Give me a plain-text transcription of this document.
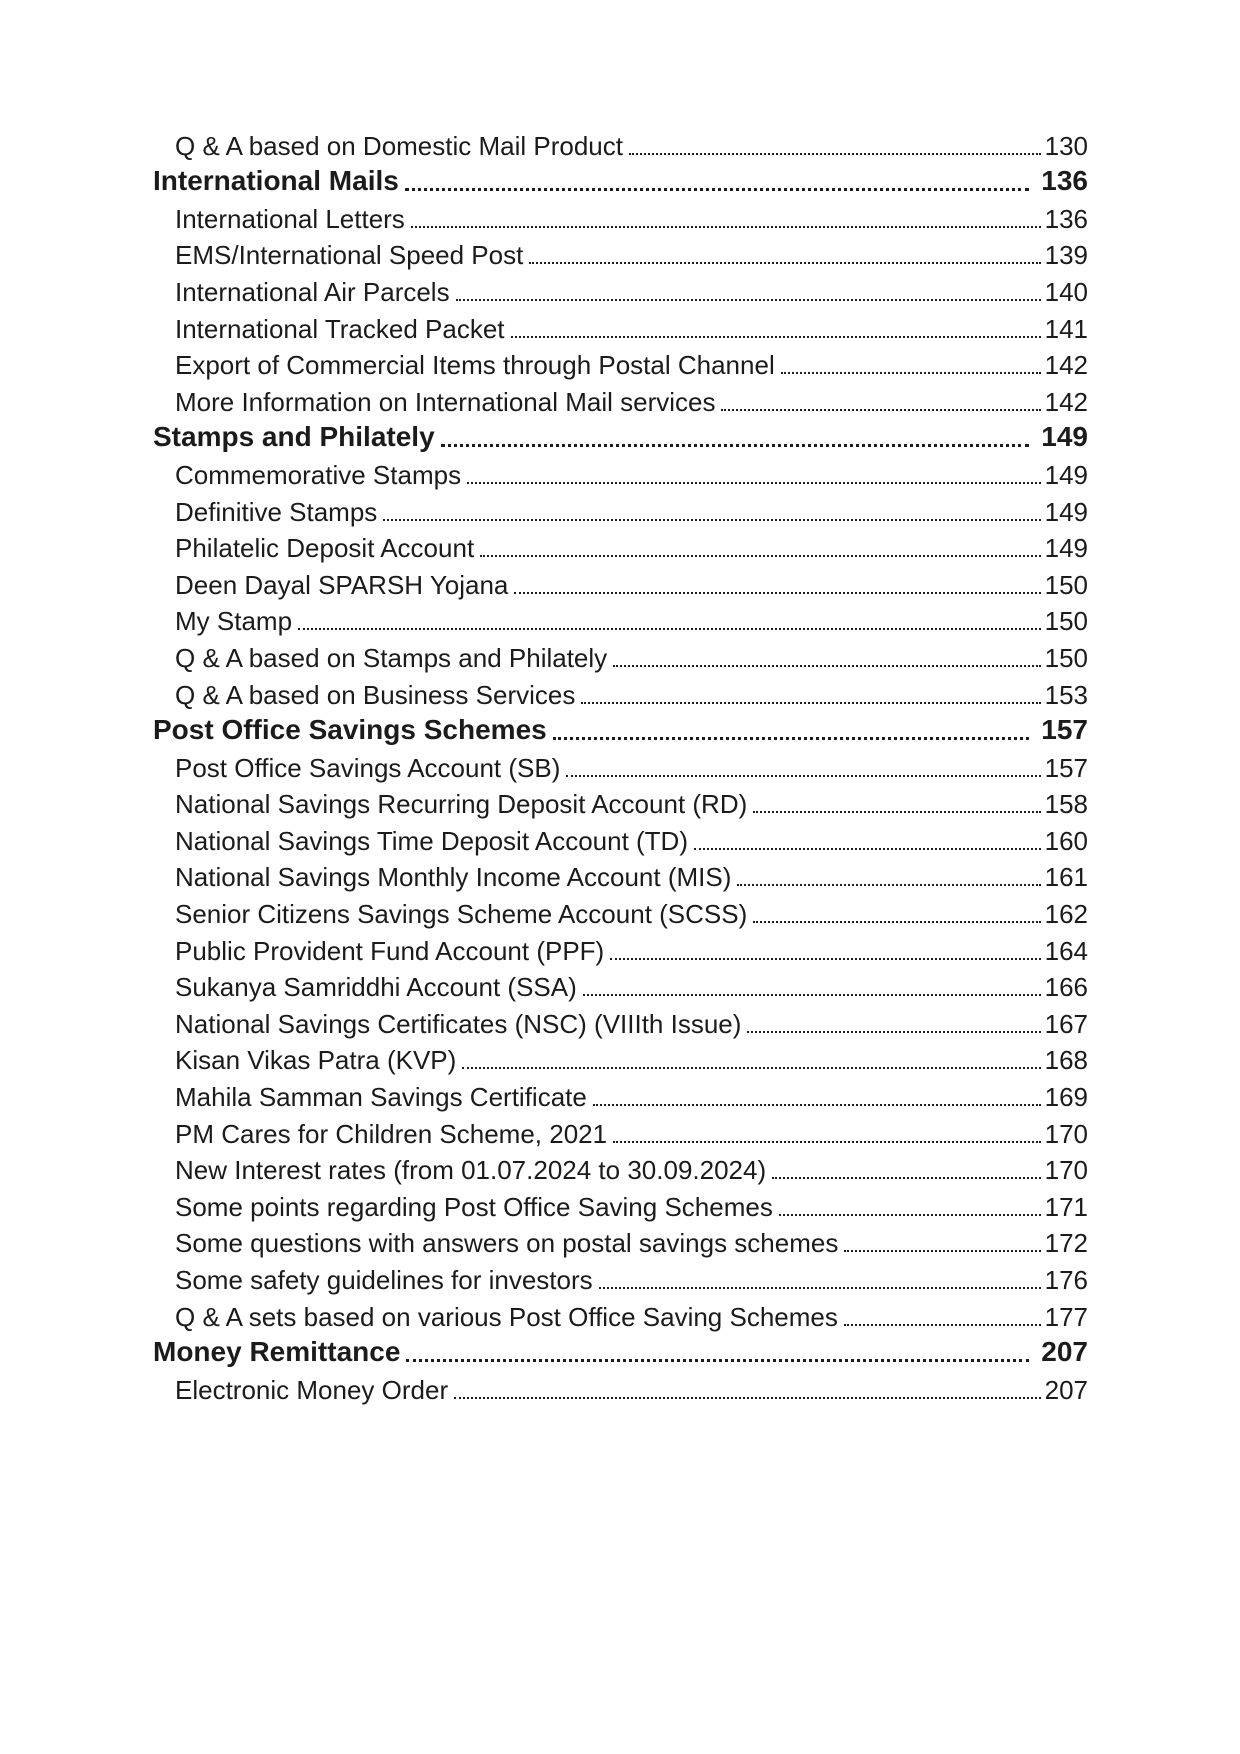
Q & A based on Domestic Mail Product	130
International Mails	136
International Letters	136
EMS/International Speed Post	139
International Air Parcels	140
International Tracked Packet	141
Export of Commercial Items through Postal Channel	142
More Information on International Mail services	142
Stamps and Philately	149
Commemorative Stamps	149
Definitive Stamps	149
Philatelic Deposit Account	149
Deen Dayal SPARSH Yojana	150
My Stamp	150
Q & A based on Stamps and Philately	150
Q & A based on Business Services	153
Post Office Savings Schemes	157
Post Office Savings Account (SB)	157
National Savings Recurring Deposit Account (RD)	158
National Savings Time Deposit Account (TD)	160
National Savings Monthly Income Account (MIS)	161
Senior Citizens Savings Scheme Account (SCSS)	162
Public Provident Fund Account (PPF)	164
Sukanya Samriddhi Account (SSA)	166
National Savings Certificates (NSC) (VIIIth Issue)	167
Kisan Vikas Patra (KVP)	168
Mahila Samman Savings Certificate	169
PM Cares for Children Scheme, 2021	170
New Interest rates (from 01.07.2024 to 30.09.2024)	170
Some points regarding Post Office Saving Schemes	171
Some questions with answers on postal savings schemes	172
Some safety guidelines for investors	176
Q & A sets based on various Post Office Saving Schemes	177
Money Remittance	207
Electronic Money Order	207
